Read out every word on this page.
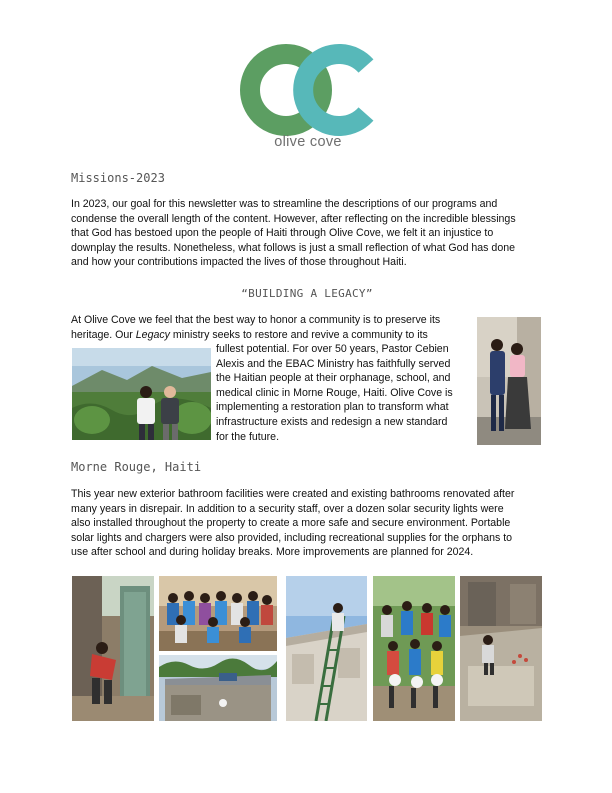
olive cove
Missions-2023
In 2023, our goal for this newsletter was to streamline the descriptions of our programs and
condense the overall length of the content. However, after reflecting on the incredible blessings
that God has bestoed upon the people of Haiti through Olive Cove, we felt it an injustice to
downplay the results. Nonetheless, what follows is just a small reflection of what God has done
and how your contributions impacted the lives of those throughout Haiti.
“BUILDING A LEGACY”
At Olive Cove we feel that the best way to honor a community is to preserve its
heritage. Our Legacy ministry seeks to restore and revive a community to its
fullest potential. For over 50 years, Pastor Cebien
Alexis and the EBAC Ministry has faithfully served
the Haitian people at their orphanage, school, and
medical clinic in Morne Rouge, Haiti. Olive Cove is
implementing a restoration plan to transform what
infrastructure exists and redesign a new standard
for the future.
Morne Rouge, Haiti
This year new exterior bathroom facilities were created and existing bathrooms renovated after
many years in disrepair. In addition to a security staff, over a dozen solar security lights were
also installed throughout the property to create a more safe and secure environment. Portable
solar lights and chargers were also provided, including recreational supplies for the orphans to
use after school and during holiday breaks. More improvements are planned for 2024.
